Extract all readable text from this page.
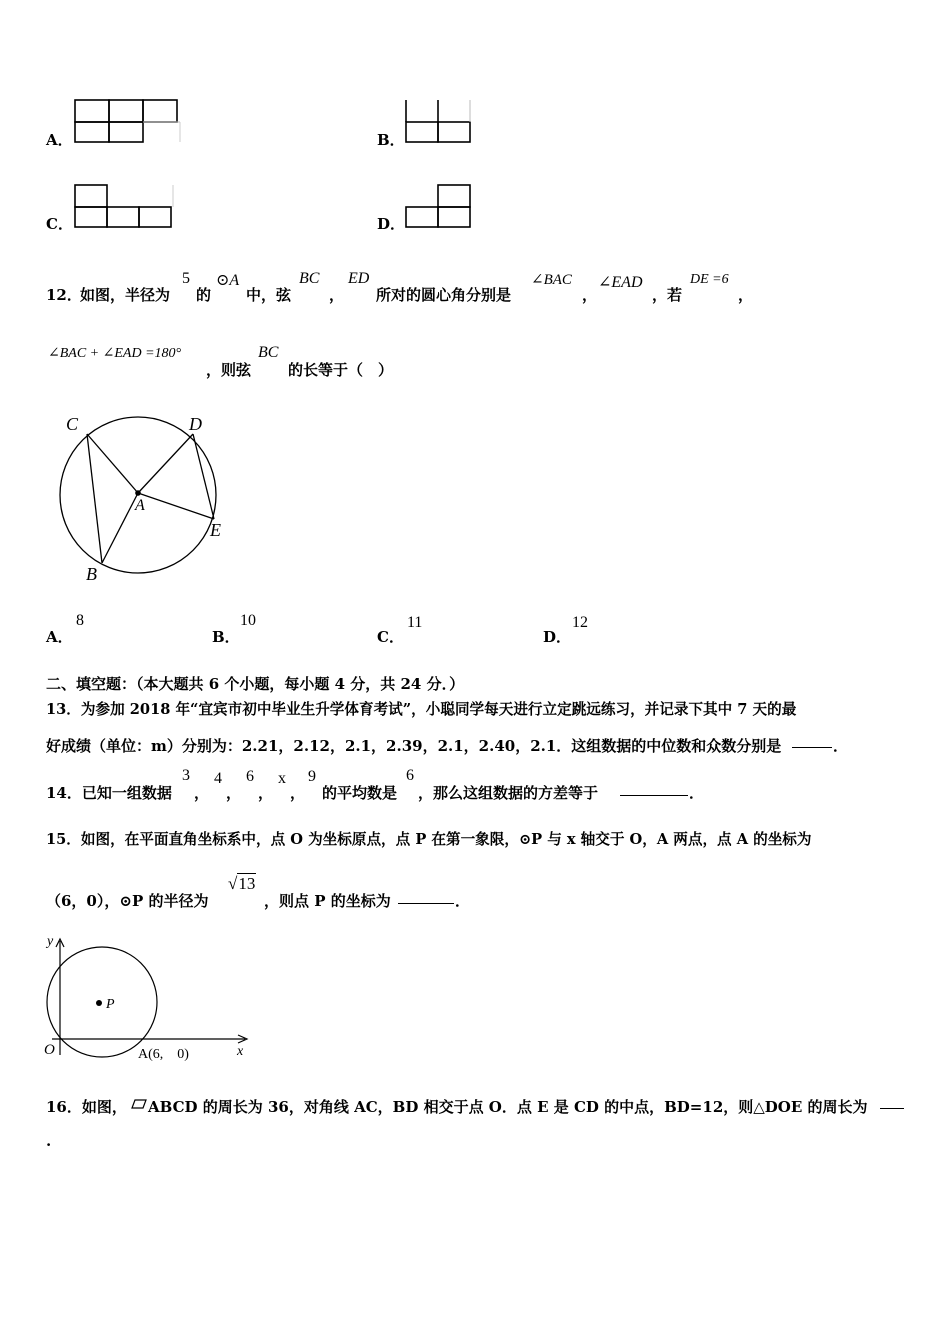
A．	B．
C．	D．
12．
如图，半径为
5
的
⊙A
中，弦
BC
，
ED
所对的圆心角分别是
∠BAC
，
∠EAD
，若
DE =6
，
∠BAC + ∠EAD =180°
，则弦
BC
的长等于（　）
C	D
A
E
B
A．
8
B．
10
C．
11
D．
12
二、填空题：（本大题共 6 个小题，每小题 4 分，共 24 分．）
13．为参加 2018 年“宜宾市初中毕业生升学体育考试”，小聪同学每天进行立定跳远练习，并记录下其中 7 天的最
好成绩（单位：m）分别为：2.21，2.12，2.1，2.39，2.1，2.40，2.1．这组数据的中位数和众数分别是	．
14．已知一组数据
3
，
4
，
6
，
x
，
9
的平均数是
6
，那么这组数据的方差等于	．
15．如图，在平面直角坐标系中，点 O 为坐标原点，点 P 在第一象限，⊙P 与 x 轴交于 O，A 两点，点 A 的坐标为
（6，0），⊙P 的半径为
√13
，则点 P 的坐标为	．
y
x
O
P
A(6,　0)
16．如图， ABCD 的周长为 36，对角线 AC，BD 相交于点 O．点 E 是 CD 的中点，BD=12，则△DOE 的周长为
.
